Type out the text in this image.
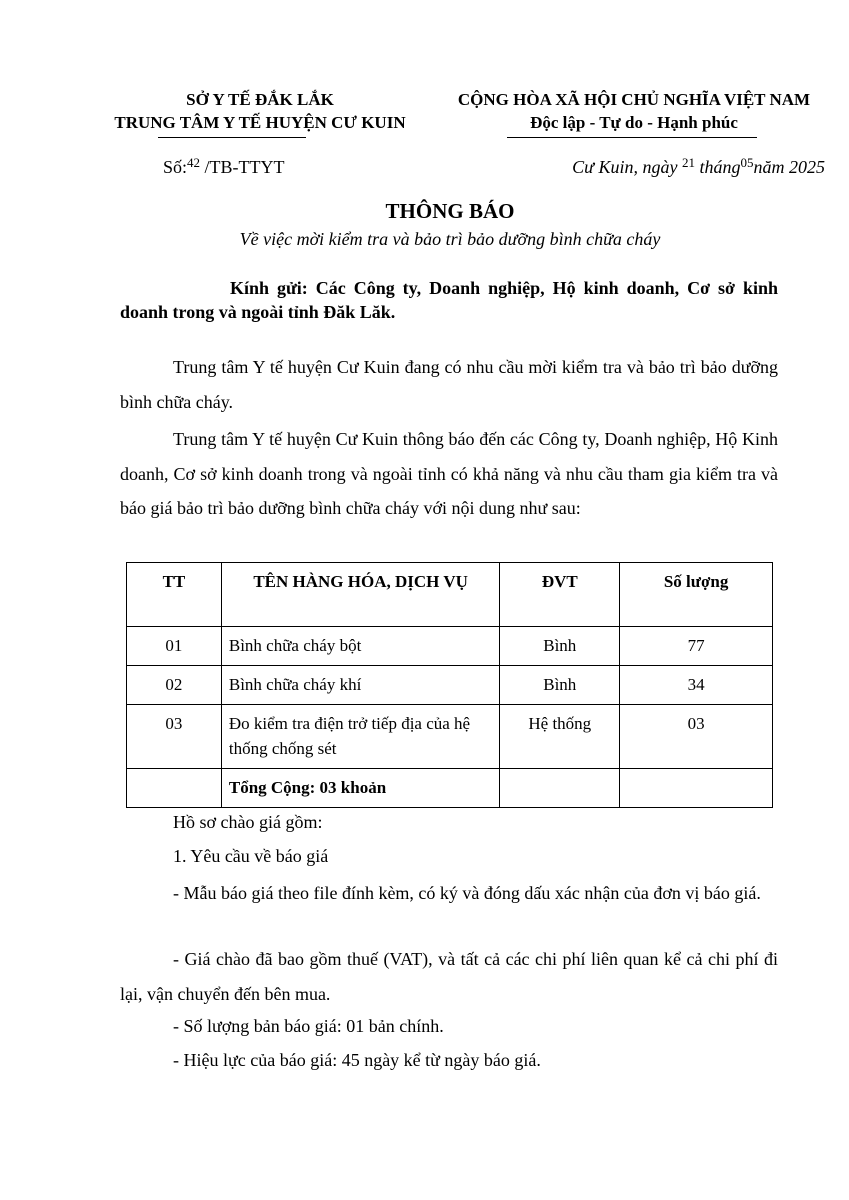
SỞ Y TẾ ĐẮK LẮK
TRUNG TÂM Y TẾ HUYỆN CƯ KUIN
CỘNG HÒA XÃ HỘI CHỦ NGHĨA VIỆT NAM
Độc lập - Tự do - Hạnh phúc
Số:$^{42}$ /TB-TTYT	Cư Kuin, ngày $^{21}$ tháng$^{05}$năm 2025
THÔNG BÁO
Về việc mời kiểm tra và bảo trì bảo dưỡng bình chữa cháy
Kính gửi: Các Công ty, Doanh nghiệp, Hộ kinh doanh, Cơ sở kinh doanh trong và ngoài tỉnh Đăk Lăk.
Trung tâm Y tế huyện Cư Kuin đang có nhu cầu mời kiểm tra và bảo trì bảo dưỡng bình chữa cháy.
Trung tâm Y tế huyện Cư Kuin thông báo đến các Công ty, Doanh nghiệp, Hộ Kinh doanh, Cơ sở kinh doanh trong và ngoài tỉnh có khả năng và nhu cầu tham gia kiểm tra và báo giá bảo trì bảo dưỡng bình chữa cháy với nội dung như sau:
TT	TÊN HÀNG HÓA, DỊCH VỤ	ĐVT	Số lượng
01	Bình chữa cháy bột	Bình	77
02	Bình chữa cháy khí	Bình	34
03	Đo kiểm tra điện trở tiếp địa của hệ thống chống sét	Hệ thống	03
	Tổng Cộng: 03 khoản		
Hồ sơ chào giá gồm:
1. Yêu cầu về báo giá
- Mẫu báo giá theo file đính kèm, có ký và đóng dấu xác nhận của đơn vị báo giá.
- Giá chào đã bao gồm thuế (VAT), và tất cả các chi phí liên quan kể cả chi phí đi lại, vận chuyển đến bên mua.
- Số lượng bản báo giá: 01 bản chính.
- Hiệu lực của báo giá: 45 ngày kể từ ngày báo giá.
